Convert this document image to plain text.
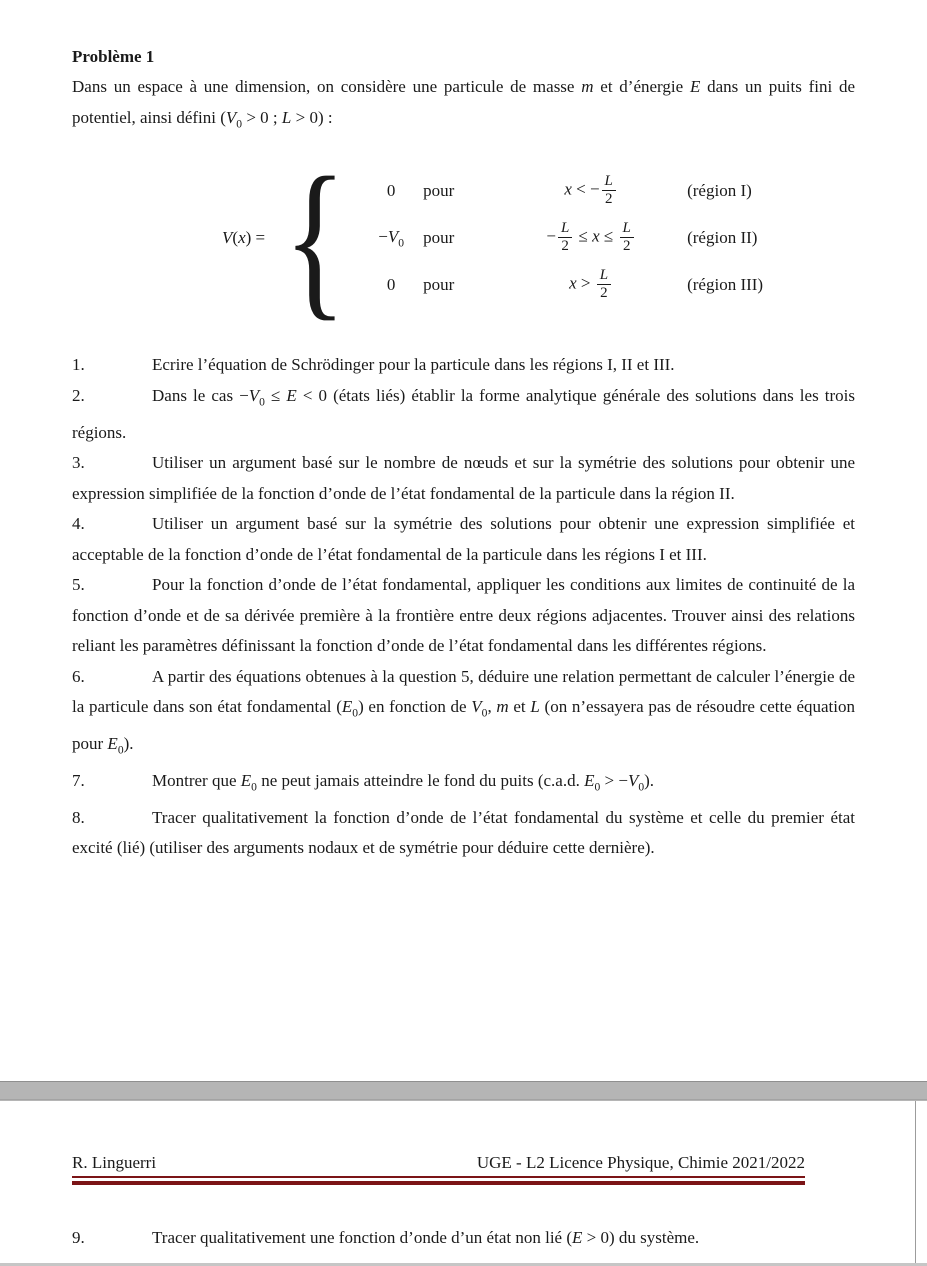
Problème 1

Dans un espace à une dimension, on considère une particule de masse m et d’énergie E dans un puits fini de potentiel, ainsi défini ($V_0 > 0$ ; L > 0) :

V(x) = {	0	pour	x < − $\frac{L}{2}$	(région I)
$-V_0$	pour	− $\frac{L}{2} \le x \le \frac{L}{2}$	(région II)
0	pour	$x > \frac{L}{2}$	(région III)

1.	Ecrire l’équation de Schrödinger pour la particule dans les régions I, II et III.

2.	Dans le cas $-V_0 \le E < 0$ (états liés) établir la forme analytique générale des solutions dans les trois régions.

3.	Utiliser un argument basé sur le nombre de nœuds et sur la symétrie des solutions pour obtenir une expression simplifiée de la fonction d’onde de l’état fondamental de la particule dans la région II.

4.	Utiliser un argument basé sur la symétrie des solutions pour obtenir une expression simplifiée et acceptable de la fonction d’onde de l’état fondamental de la particule dans les régions I et III.

5.	Pour la fonction d’onde de l’état fondamental, appliquer les conditions aux limites de continuité de la fonction d’onde et de sa dérivée première à la frontière entre deux régions adjacentes. Trouver ainsi des relations reliant les paramètres définissant la fonction d’onde de l’état fondamental dans les différentes régions.

6.	A partir des équations obtenues à la question 5, déduire une relation permettant de calculer l’énergie de la particule dans son état fondamental $(E_0)$ en fonction de $V_0$, m et L (on n’essayera pas de résoudre cette équation pour $E_0$).

7.	Montrer que $E_0$ ne peut jamais atteindre le fond du puits (c.a.d. $E_0 > -V_0$).

8.	Tracer qualitativement la fonction d’onde de l’état fondamental du système et celle du premier état excité (lié) (utiliser des arguments nodaux et de symétrie pour déduire cette dernière).

R. Linguerri	UGE - L2 Licence Physique, Chimie 2021/2022

9.	Tracer qualitativement une fonction d’onde d’un état non lié (E > 0) du système.
